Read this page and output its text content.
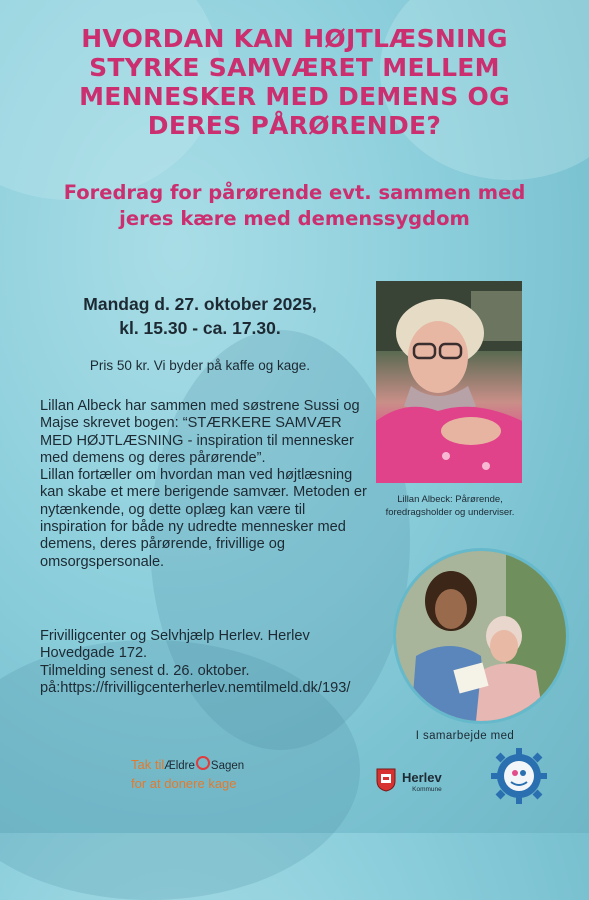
HVORDAN KAN HØJTLÆSNING STYRKE SAMVÆRET MELLEM MENNESKER MED DEMENS OG DERES PÅRØRENDE?
Foredrag for pårørende evt. sammen med jeres kære med demenssygdom
Mandag d. 27. oktober 2025,
kl. 15.30 - ca. 17.30.
Pris 50 kr. Vi byder på kaffe og kage.

Lillan Albeck har sammen med søstrene Sussi og Majse skrevet bogen: “STÆRKERE SAMVÆR MED HØJTLÆSNING - inspiration til mennesker med demens og deres pårørende”.

Lillan fortæller om hvordan man ved højtlæsning kan skabe et mere berigende samvær. Metoden er nytænkende, og dette oplæg kan være til inspiration for både ny udredte mennesker med demens, deres pårørende, frivillige og omsorgspersonale.

Frivilligcenter og Selvhjælp Herlev. Herlev Hovedgade 172.

Tilmelding senest d. 26. oktober.

på:https://frivilligcenterherlev.nemtilmeld.dk/193/

Lillan Albeck: Pårørende, foredragsholder og underviser.
I samarbejde med
Tak tilÆldre Sagen
for at donere kage	Herlev
Kommune
